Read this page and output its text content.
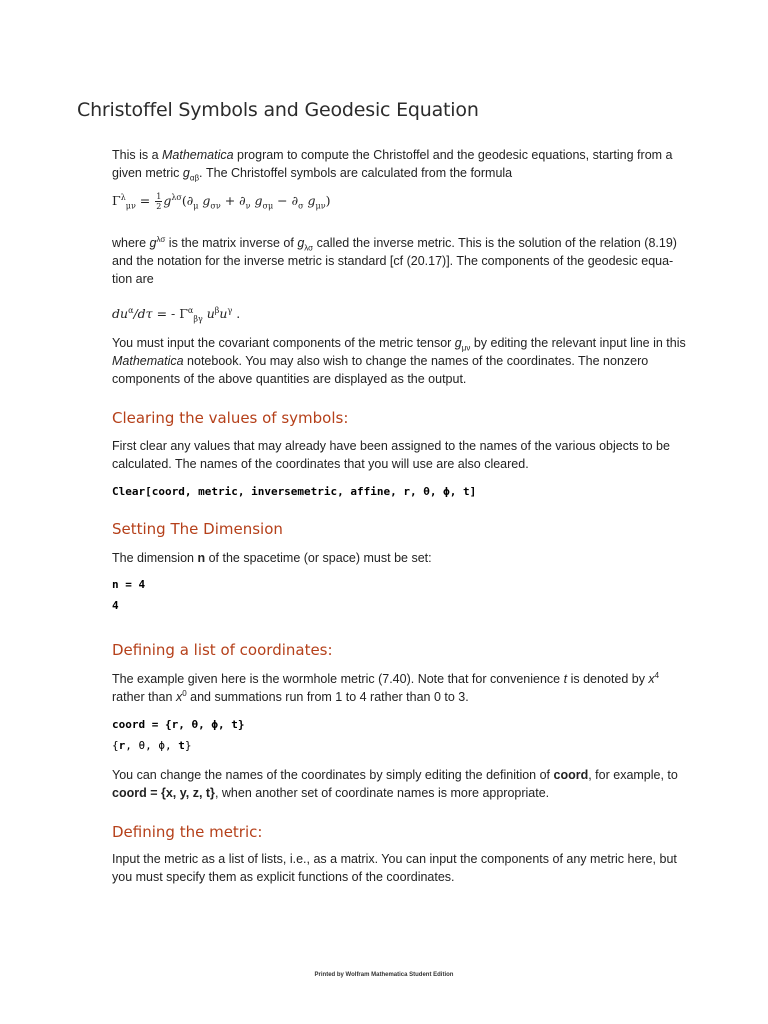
Christoffel Symbols and Geodesic Equation

This is a Mathematica program to compute the Christoffel and the geodesic equations, starting from a given metric $g_{\alpha\beta}$. The Christoffel symbols are calculated from the formula

$\Gamma^\lambda_{\mu\nu} = \frac{1}{2} g^{\lambda\sigma}(\partial_\mu$ $g_{\sigma\nu} + \partial_\nu$ $g_{\sigma\mu} - \partial_\sigma$ $g_{\mu\nu}$)

where $g^{\lambda\sigma}$ is the matrix inverse of $g_{\lambda\sigma}$ called the inverse metric. This is the solution of the relation (8.19) and the notation for the inverse metric is standard [cf (20.17)]. The components of the geodesic equa-tion are

$du^\alpha/d\tau$ = - $\Gamma^\alpha_{\beta\gamma}$ $u^\beta u^\gamma$ .

You must input the covariant components of the metric tensor $g_{\mu\nu}$ by editing the relevant input line in this Mathematica notebook. You may also wish to change the names of the coordinates. The nonzero components of the above quantities are displayed as the output.

Clearing the values of symbols:

First clear any values that may already have been assigned to the names of the various objects to be calculated. The names of the coordinates that you will use are also cleared.

Clear[coord, metric, inversemetric, affine, r, θ, ϕ, t]
Setting The Dimension

The dimension n of the spacetime (or space) must be set:

n = 4
4
Defining a list of coordinates:

The example given here is the wormhole metric (7.40). Note that for convenience t is denoted by $x^4$
rather than $x^0$ and summations run from 1 to 4 rather than 0 to 3.

coord = {r, θ, ϕ, t}
{r, θ, ϕ, t}

You can change the names of the coordinates by simply editing the definition of coord, for example, to coord = {x, y, z, t}, when another set of coordinate names is more appropriate.

Defining the metric:

Input the metric as a list of lists, i.e., as a matrix. You can input the components of any metric here, but you must specify them as explicit functions of the coordinates.

Printed by Wolfram Mathematica Student Edition
